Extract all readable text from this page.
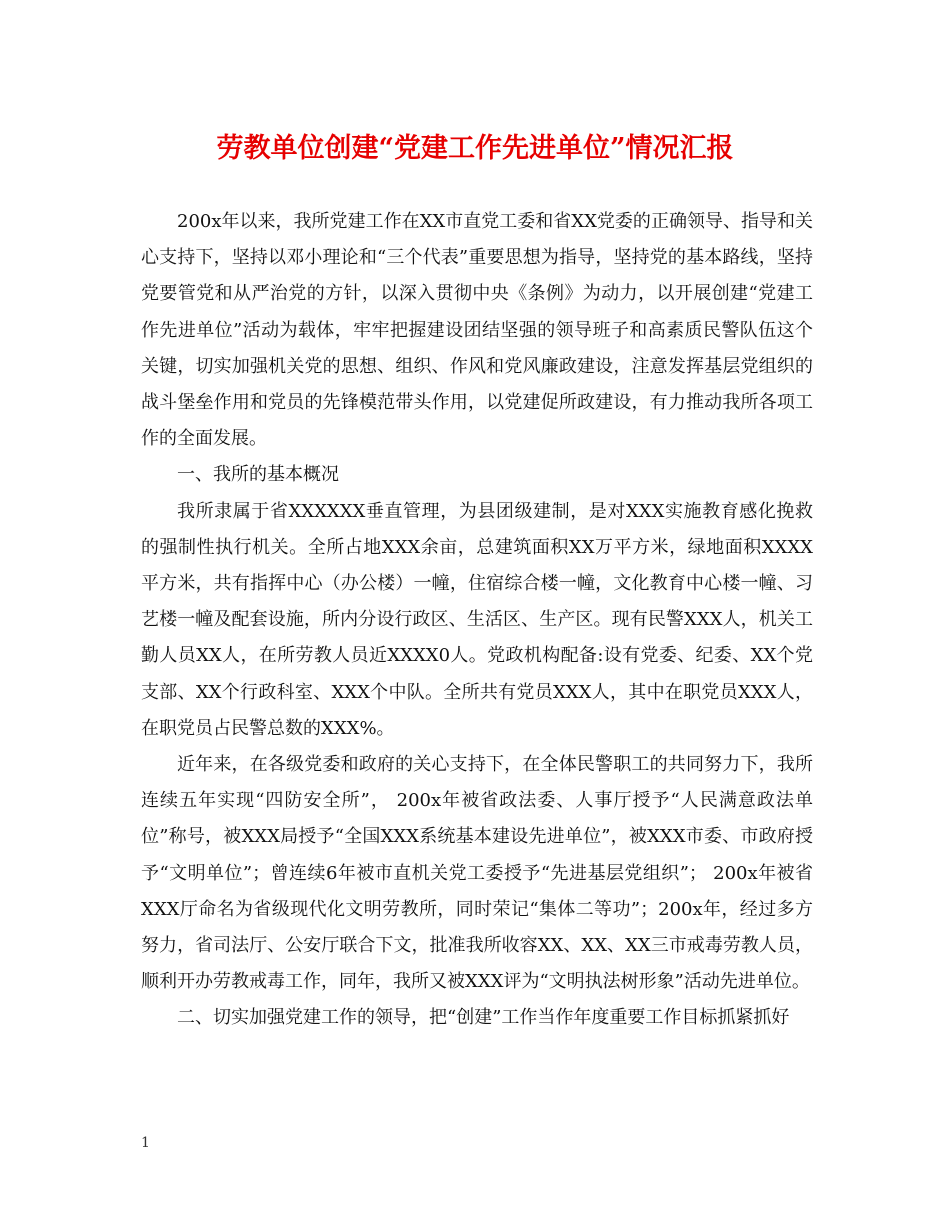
劳教单位创建“党建工作先进单位”情况汇报

200x年以来，我所党建工作在XX市直党工委和省XX党委的正确领导、指导和关心支持下，坚持以邓小理论和“三个代表”重要思想为指导，坚持党的基本路线，坚持党要管党和从严治党的方针，以深入贯彻中央《条例》为动力，以开展创建“党建工作先进单位”活动为载体，牢牢把握建设团结坚强的领导班子和高素质民警队伍这个关键，切实加强机关党的思想、组织、作风和党风廉政建设，注意发挥基层党组织的战斗堡垒作用和党员的先锋模范带头作用，以党建促所政建设，有力推动我所各项工作的全面发展。

一、我所的基本概况

我所隶属于省XXXXXX垂直管理，为县团级建制，是对XXX实施教育感化挽救的强制性执行机关。全所占地XXX余亩，总建筑面积XX万平方米，绿地面积XXXX平方米，共有指挥中心（办公楼）一幢，住宿综合楼一幢，文化教育中心楼一幢、习艺楼一幢及配套设施，所内分设行政区、生活区、生产区。现有民警XXX人，机关工勤人员XX人，在所劳教人员近XXXX0人。党政机构配备:设有党委、纪委、XX个党支部、XX个行政科室、XXX个中队。全所共有党员XXX人，其中在职党员XXX人，在职党员占民警总数的XXX%。

近年来，在各级党委和政府的关心支持下，在全体民警职工的共同努力下，我所连续五年实现“四防安全所”， 200x年被省政法委、人事厅授予“人民满意政法单位”称号，被XXX局授予“全国XXX系统基本建设先进单位”，被XXX市委、市政府授予“文明单位”；曾连续6年被市直机关党工委授予“先进基层党组织”； 200x年被省XXX厅命名为省级现代化文明劳教所，同时荣记“集体二等功”；200x年，经过多方努力，省司法厅、公安厅联合下文，批准我所收容XX、XX、XX三市戒毒劳教人员，顺利开办劳教戒毒工作，同年，我所又被XXX评为“文明执法树形象”活动先进单位。

二、切实加强党建工作的领导，把“创建”工作当作年度重要工作目标抓紧抓好

1
